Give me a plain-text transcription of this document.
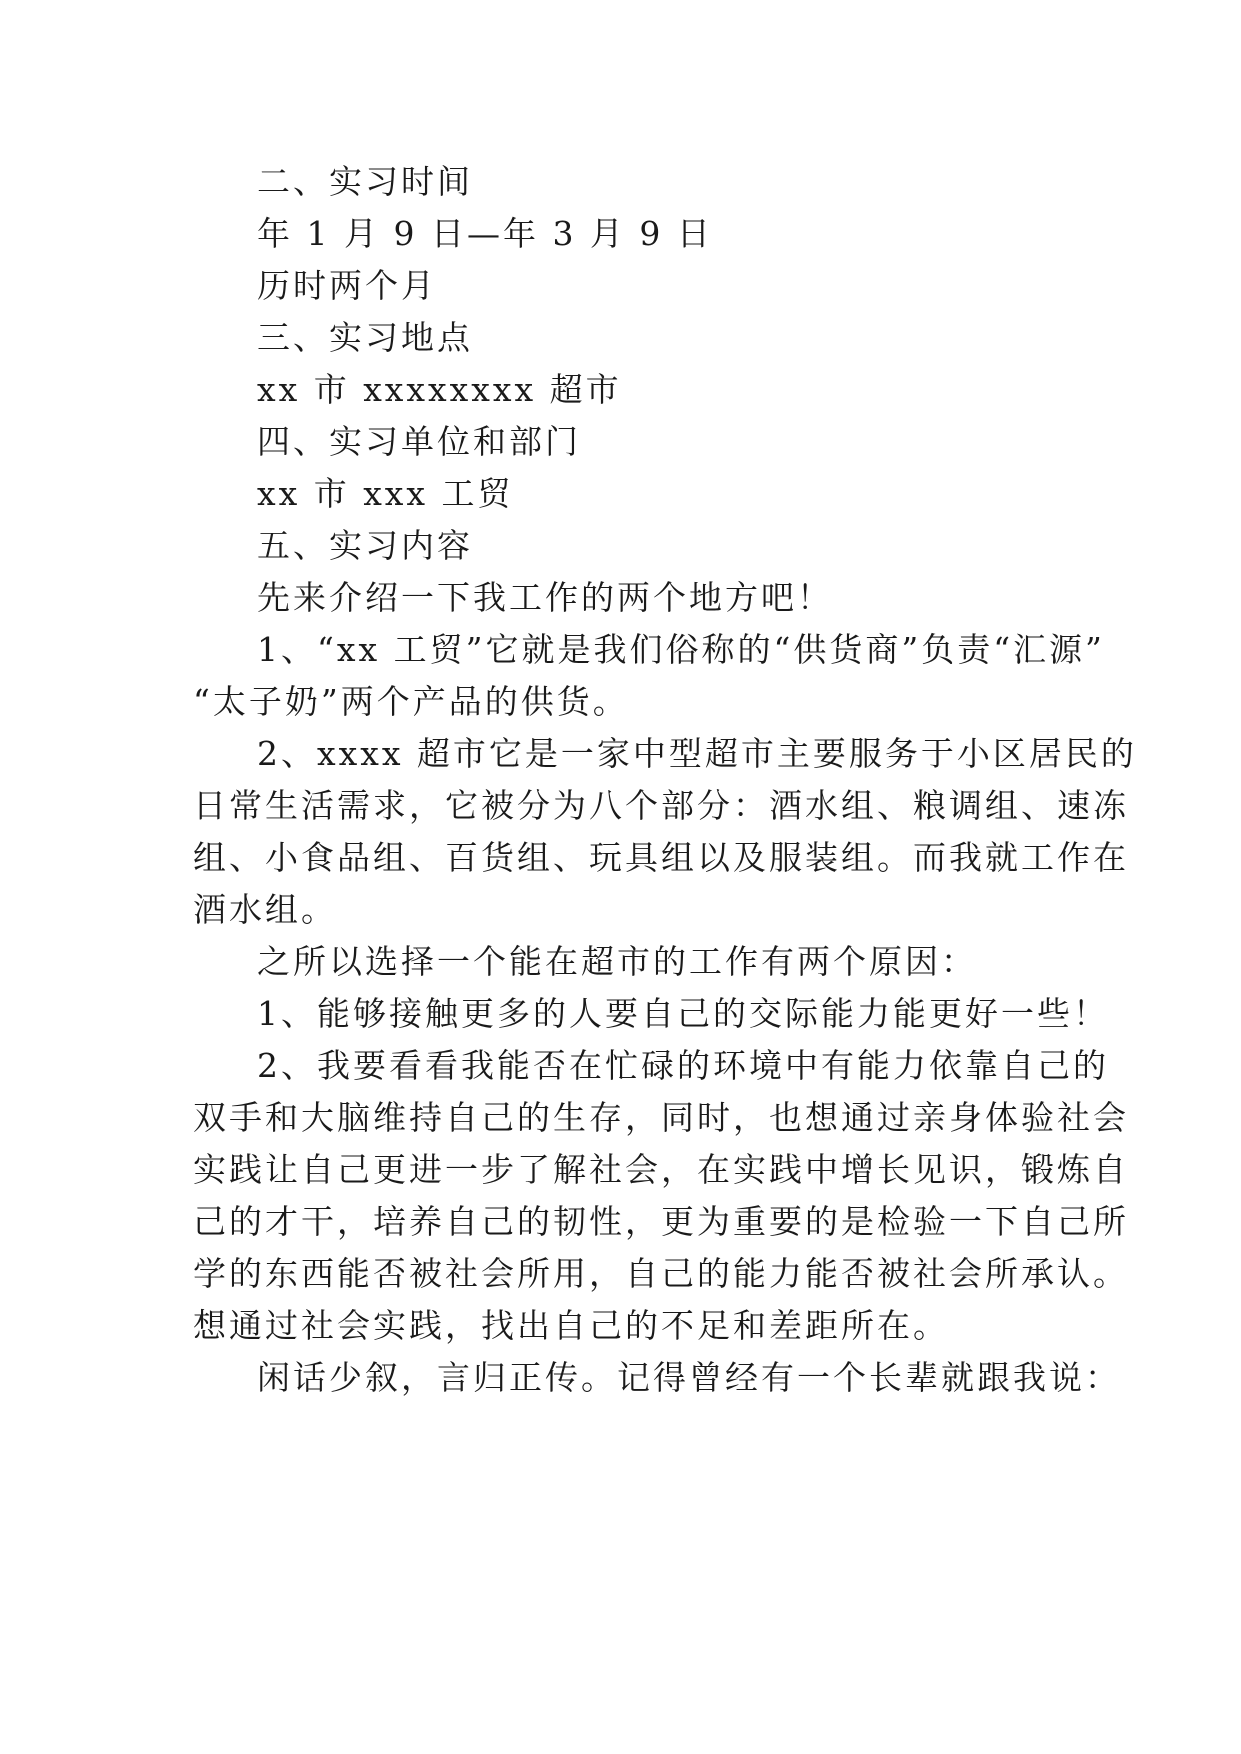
二、实习时间
年 1 月 9 日—年 3 月 9 日
历时两个月
三、实习地点
xx 市 xxxxxxxx 超市
四、实习单位和部门
xx 市 xxx 工贸
五、实习内容
先来介绍一下我工作的两个地方吧！
1、“xx 工贸”它就是我们俗称的“供货商”负责“汇源”
“太子奶”两个产品的供货。
2、xxxx 超市它是一家中型超市主要服务于小区居民的
日常生活需求，它被分为八个部分：酒水组、粮调组、速冻
组、小食品组、百货组、玩具组以及服装组。而我就工作在
酒水组。
之所以选择一个能在超市的工作有两个原因：
1、能够接触更多的人要自己的交际能力能更好一些！
2、我要看看我能否在忙碌的环境中有能力依靠自己的
双手和大脑维持自己的生存，同时，也想通过亲身体验社会
实践让自己更进一步了解社会，在实践中增长见识，锻炼自
己的才干，培养自己的韧性，更为重要的是检验一下自己所
学的东西能否被社会所用，自己的能力能否被社会所承认。
想通过社会实践，找出自己的不足和差距所在。
闲话少叙，言归正传。记得曾经有一个长辈就跟我说：
